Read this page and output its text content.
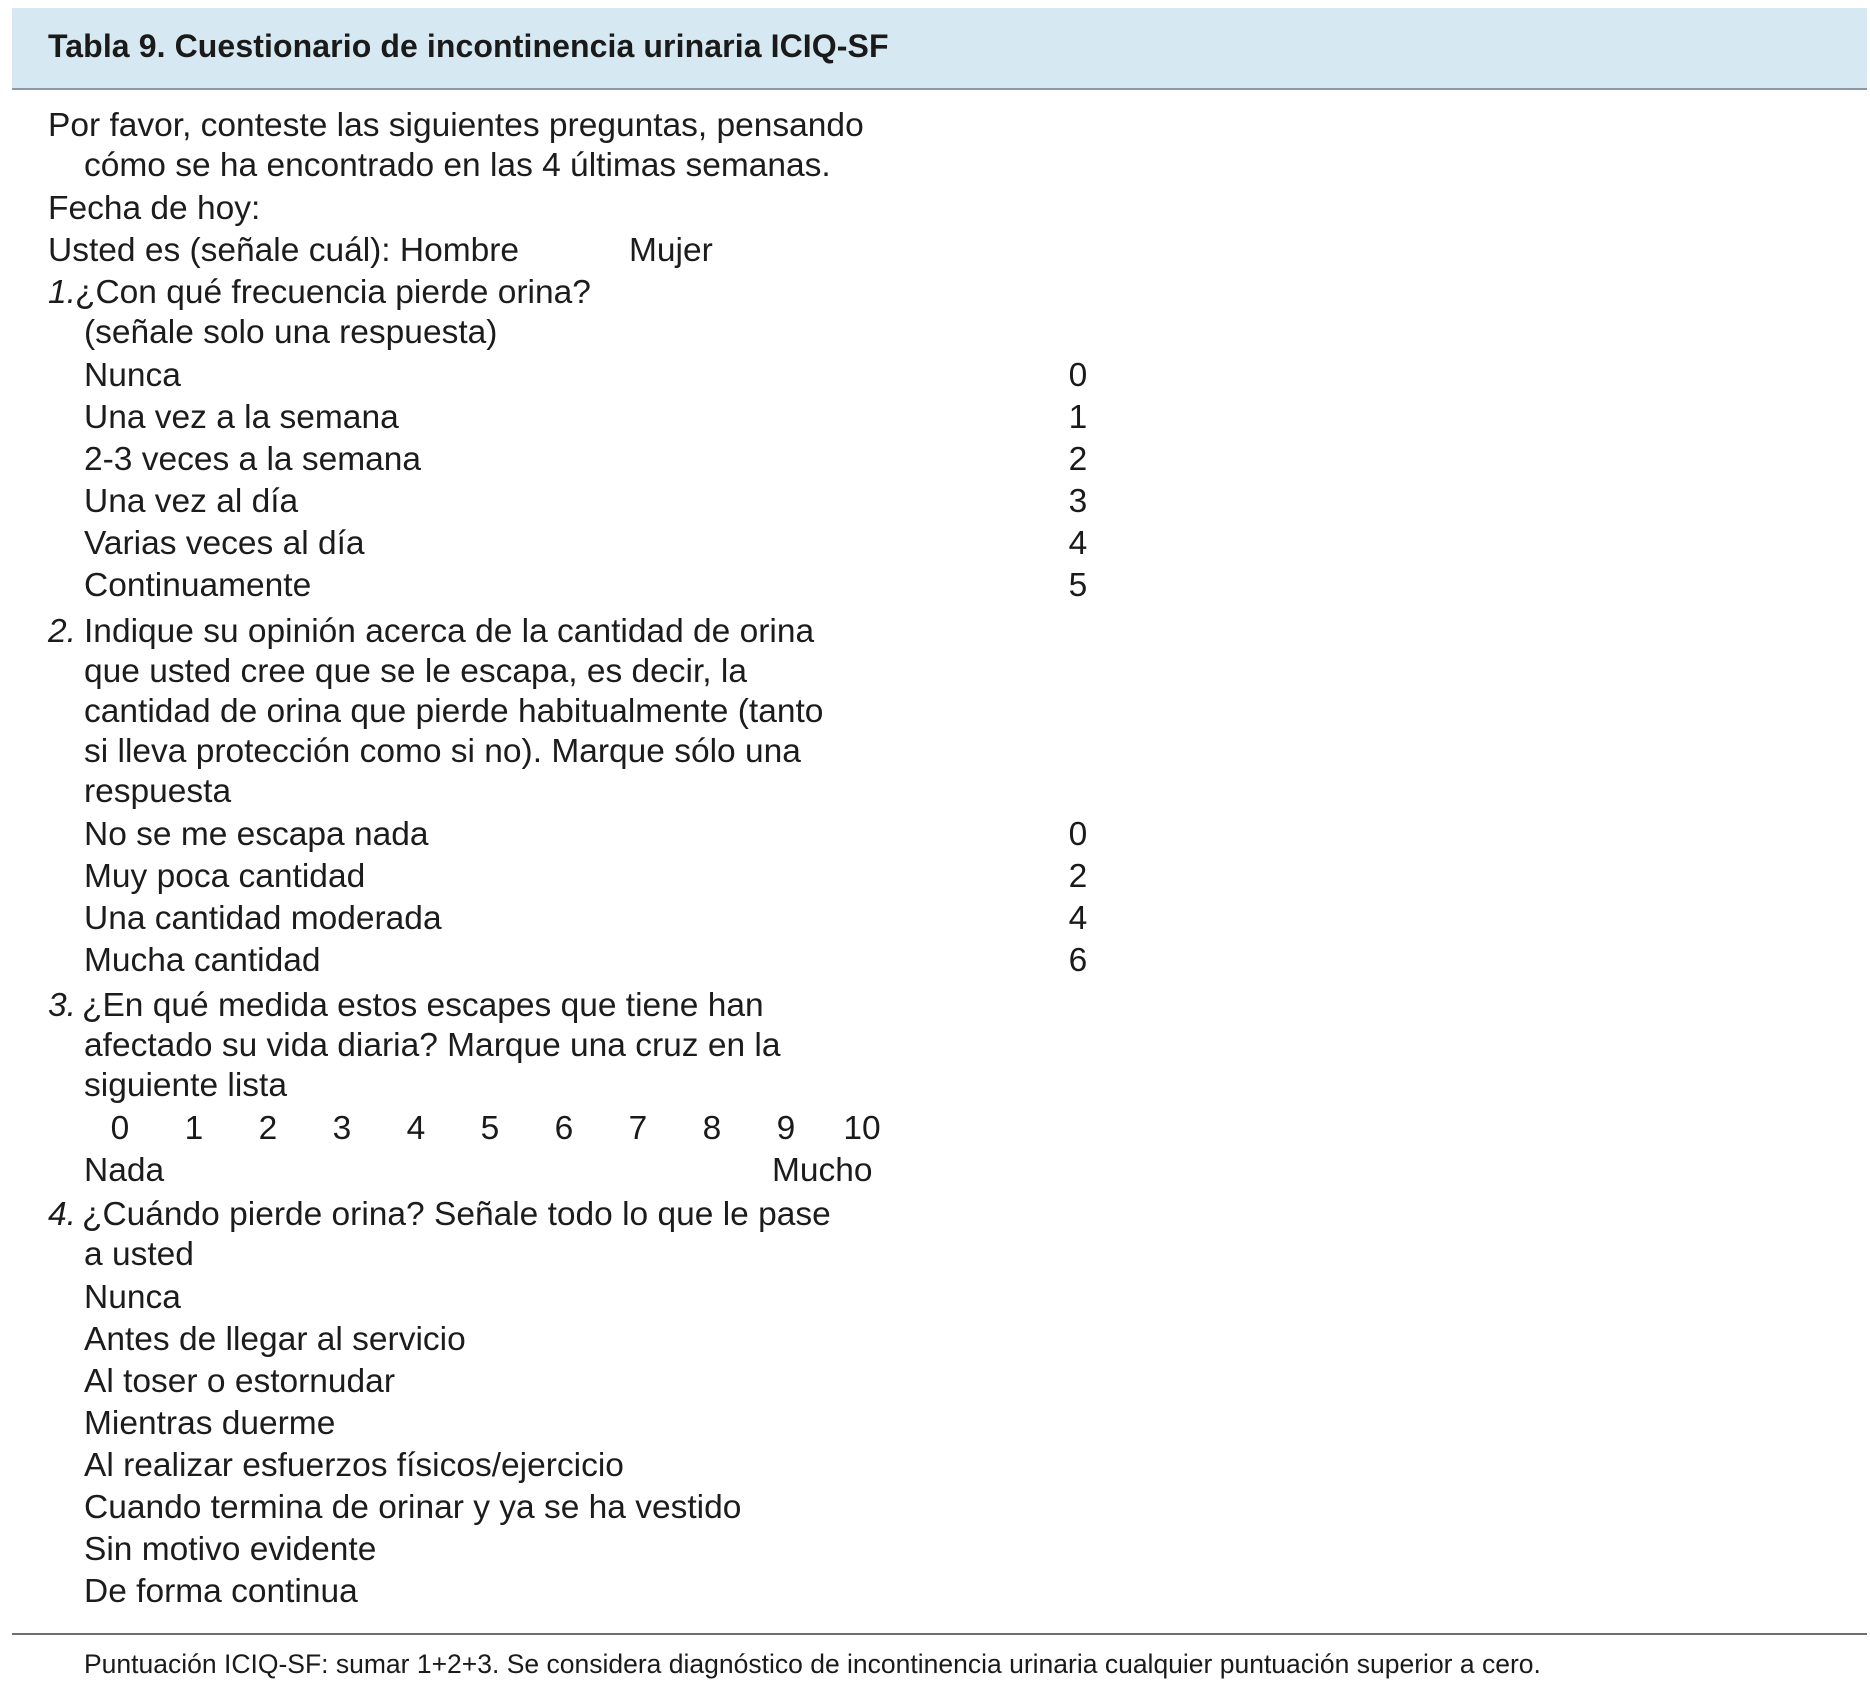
Tabla 9. Cuestionario de incontinencia urinaria ICIQ-SF
Por favor, conteste las siguientes preguntas, pensando
cómo se ha encontrado en las 4 últimas semanas.
Fecha de hoy:
Usted es (señale cuál): Hombre	Mujer
1. ¿Con qué frecuencia pierde orina?
(señale solo una respuesta)
Nunca	0
Una vez a la semana	1
2-3 veces a la semana	2
Una vez al día	3
Varias veces al día	4
Continuamente	5
2. Indique su opinión acerca de la cantidad de orina
que usted cree que se le escapa, es decir, la
cantidad de orina que pierde habitualmente (tanto
si lleva protección como si no). Marque sólo una
respuesta
No se me escapa nada	0
Muy poca cantidad	2
Una cantidad moderada	4
Mucha cantidad	6
3. ¿En qué medida estos escapes que tiene han
afectado su vida diaria? Marque una cruz en la
siguiente lista
0	1	2	3	4	5	6	7	8	9	10
Nada	Mucho
4. ¿Cuándo pierde orina? Señale todo lo que le pase
a usted
Nunca
Antes de llegar al servicio
Al toser o estornudar
Mientras duerme
Al realizar esfuerzos físicos/ejercicio
Cuando termina de orinar y ya se ha vestido
Sin motivo evidente
De forma continua
Puntuación ICIQ-SF: sumar 1+2+3. Se considera diagnóstico de incontinencia urinaria cualquier puntuación superior a cero.
